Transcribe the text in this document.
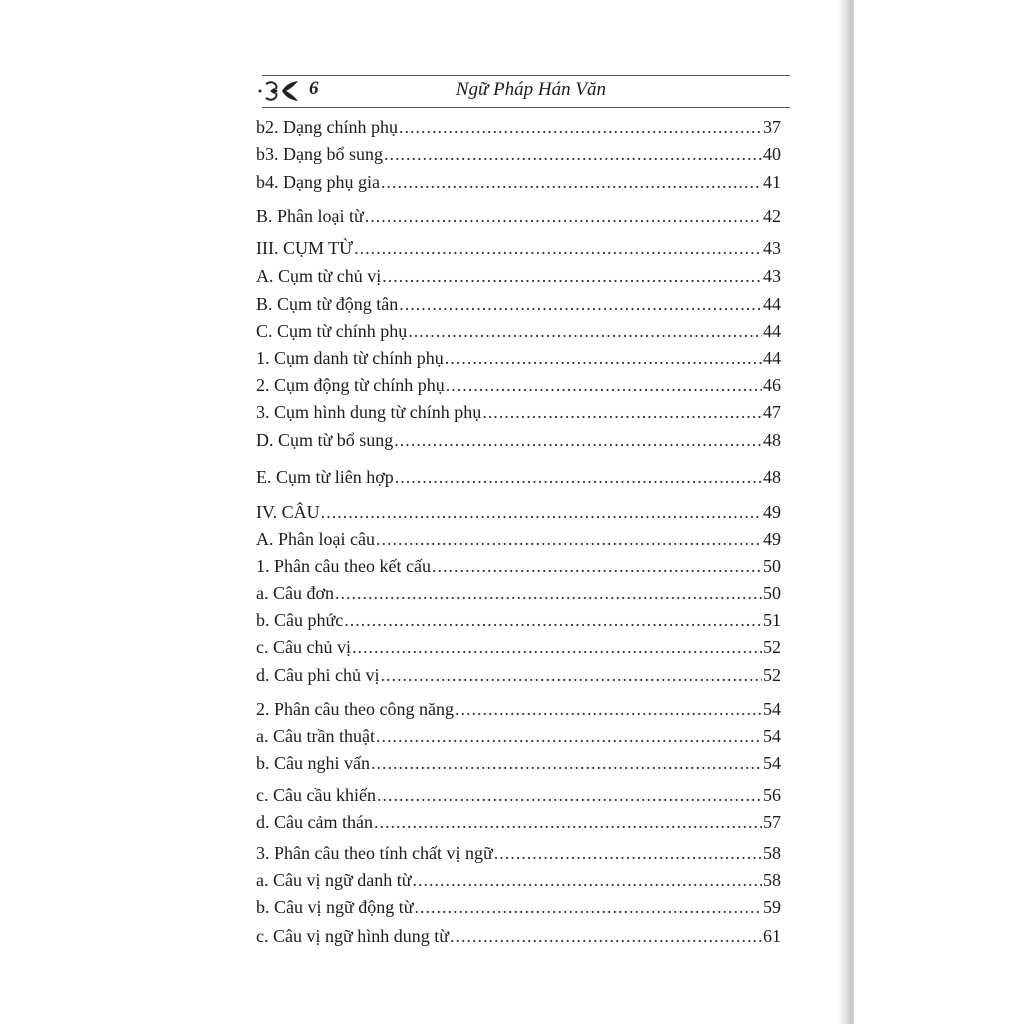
6	Ngữ Pháp Hán Văn
b2. Dạng chính phụ .....	37
b3. Dạng bổ sung .....	40
b4. Dạng phụ gia .....	41
B. Phân loại từ .....	42
III. CỤM TỪ .....	43
A. Cụm từ chủ vị .....	43
B. Cụm từ động tân .....	44
C. Cụm từ chính phụ .....	44
1. Cụm danh từ chính phụ .....	44
2. Cụm động từ chính phụ .....	46
3. Cụm hình dung từ chính phụ .....	47
D. Cụm từ bổ sung .....	48
E. Cụm từ liên hợp .....	48
IV. CÂU .....	49
A. Phân loại câu .....	49
1. Phân câu theo kết cấu .....	50
a. Câu đơn .....	50
b. Câu phức .....	51
c. Câu chủ vị .....	52
d. Câu phi chủ vị .....	52
2. Phân câu theo công năng .....	54
a. Câu trần thuật .....	54
b. Câu nghi vấn .....	54
c. Câu cầu khiến .....	56
d. Câu cảm thán .....	57
3. Phân câu theo tính chất vị ngữ .....	58
a. Câu vị ngữ danh từ .....	58
b. Câu vị ngữ động từ .....	59
c. Câu vị ngữ hình dung từ .....	61
